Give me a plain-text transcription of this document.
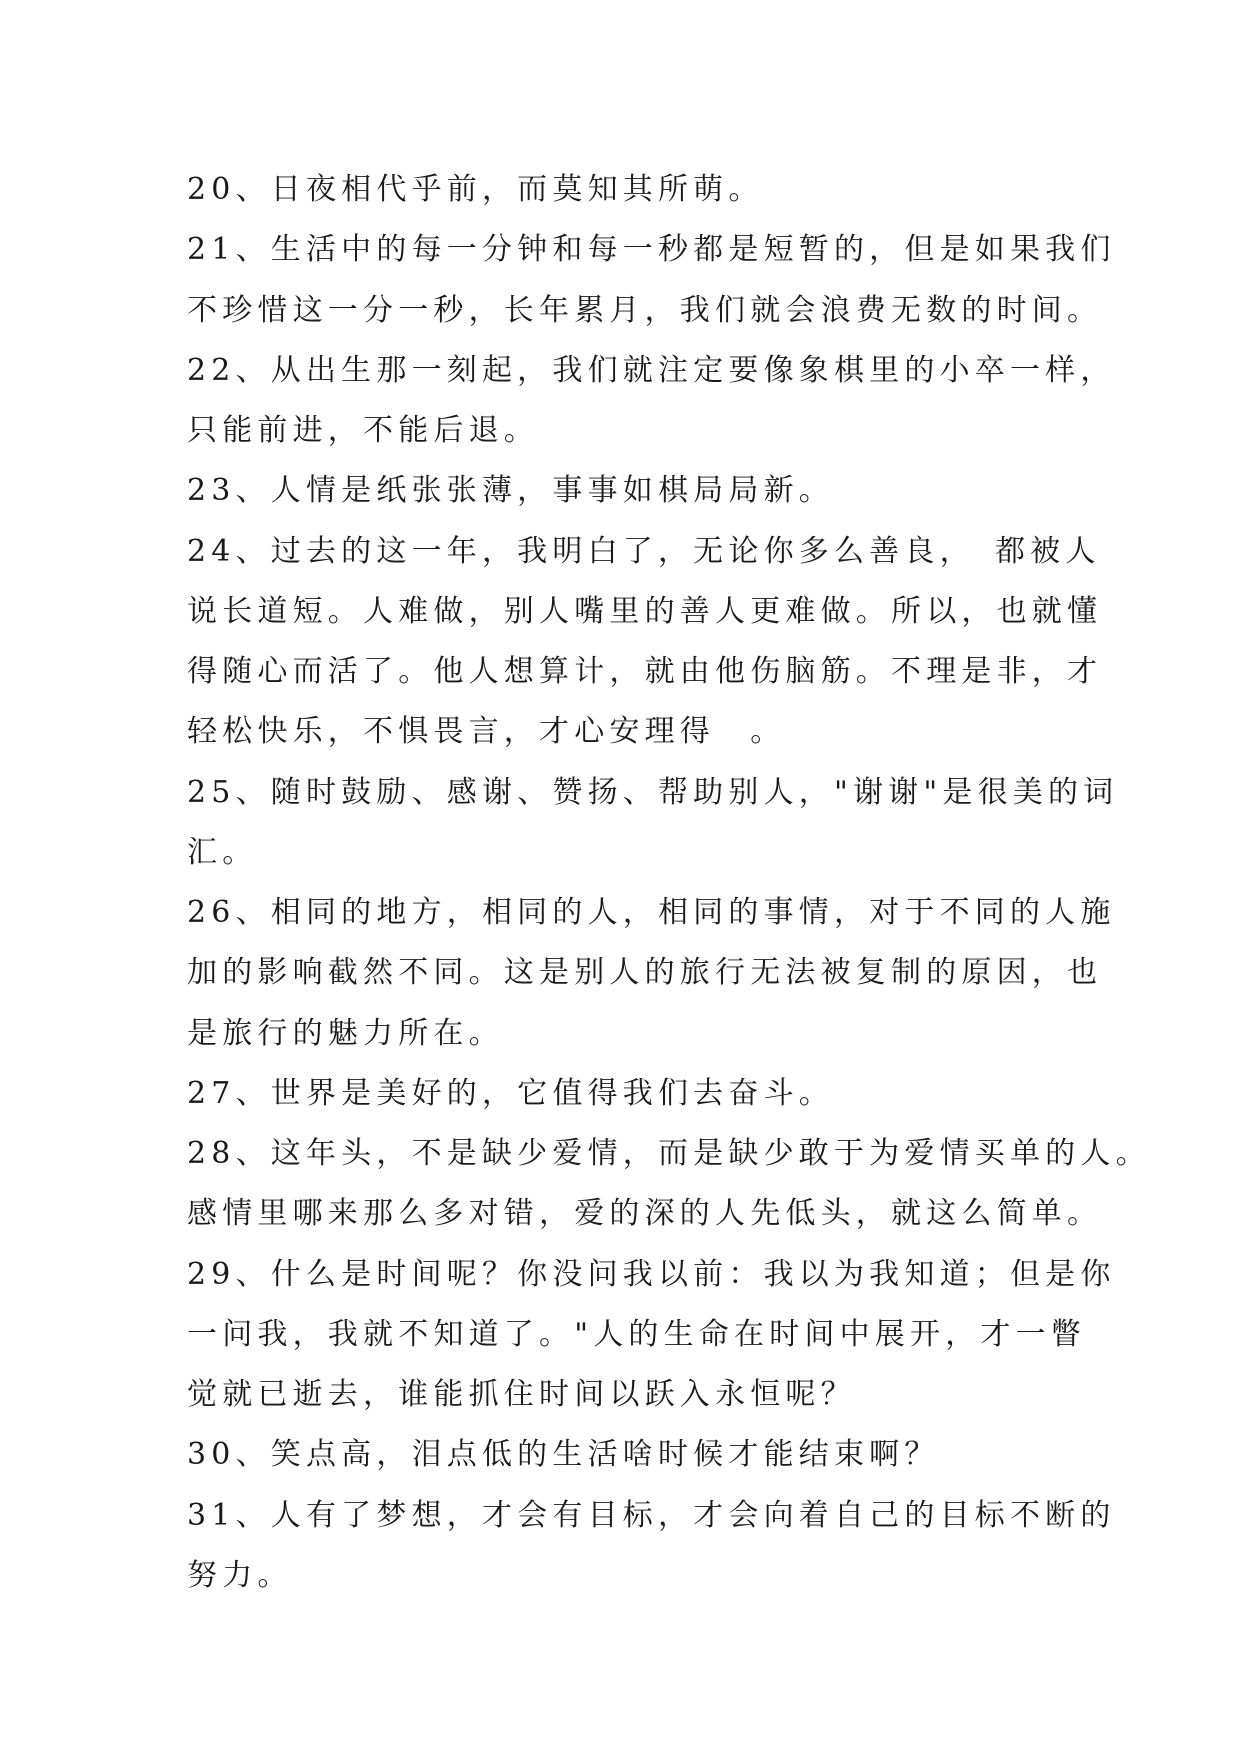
20、日夜相代乎前，而莫知其所萌。
21、生活中的每一分钟和每一秒都是短暂的，但是如果我们
不珍惜这一分一秒，长年累月，我们就会浪费无数的时间。
22、从出生那一刻起，我们就注定要像象棋里的小卒一样，
只能前进，不能后退。
23、人情是纸张张薄，事事如棋局局新。
24、过去的这一年，我明白了，无论你多么善良，　都被人
说长道短。人难做，别人嘴里的善人更难做。所以，也就懂
得随心而活了。他人想算计，就由他伤脑筋。不理是非，才
轻松快乐，不惧畏言，才心安理得　。
25、随时鼓励、感谢、赞扬、帮助别人，"谢谢"是很美的词
汇。
26、相同的地方，相同的人，相同的事情，对于不同的人施
加的影响截然不同。这是别人的旅行无法被复制的原因，也
是旅行的魅力所在。
27、世界是美好的，它值得我们去奋斗。
28、这年头，不是缺少爱情，而是缺少敢于为爱情买单的人。
感情里哪来那么多对错，爱的深的人先低头，就这么简单。
29、什么是时间呢？你没问我以前：我以为我知道；但是你
一问我，我就不知道了。"人的生命在时间中展开，才一瞥
觉就已逝去，谁能抓住时间以跃入永恒呢？
30、笑点高，泪点低的生活啥时候才能结束啊？
31、人有了梦想，才会有目标，才会向着自己的目标不断的
努力。
